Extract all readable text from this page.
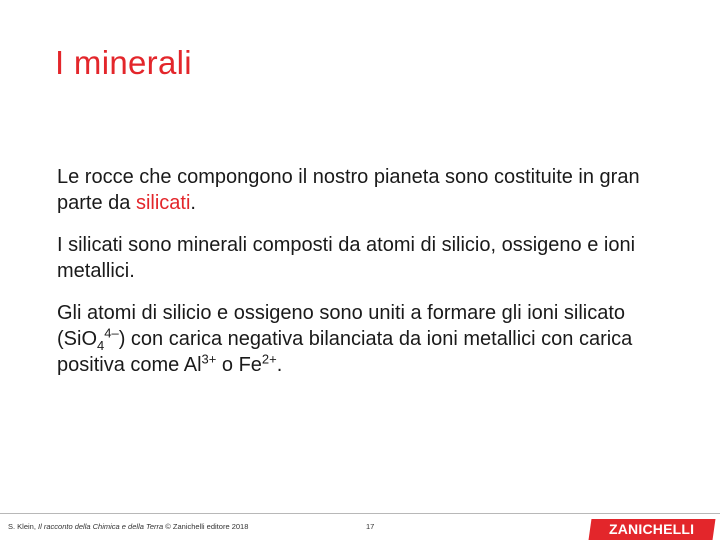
I minerali

Le rocce che compongono il nostro pianeta sono costituite in gran parte da silicati.

I silicati sono minerali composti da atomi di silicio, ossigeno e ioni metallici.

Gli atomi di silicio e ossigeno sono uniti a formare gli ioni silicato (SiO$_4^{4-}$) con carica negativa bilanciata da ioni metallici con carica positiva come $Al^{3+}$ o $Fe^{2+}$.

S. Klein, Il racconto della Chimica e della Terra © Zanichelli editore 2018	17	ZANICHELLI
